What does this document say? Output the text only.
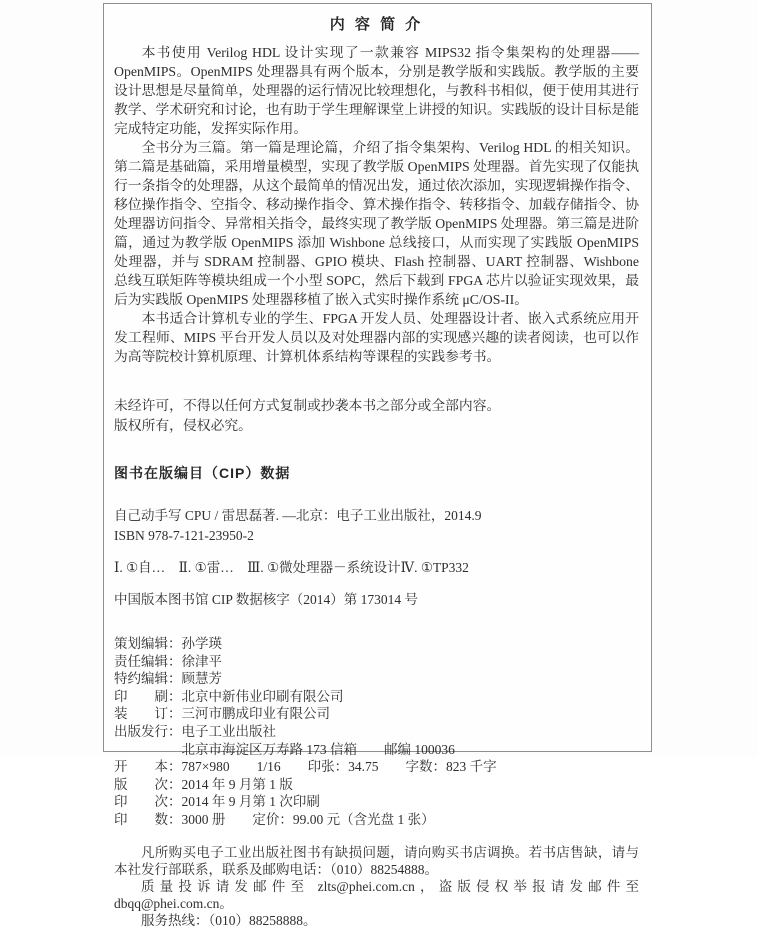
内 容 简 介

本书使用 Verilog HDL 设计实现了一款兼容 MIPS32 指令集架构的处理器——OpenMIPS。OpenMIPS 处理器具有两个版本，分别是教学版和实践版。教学版的主要设计思想是尽量简单，处理器的运行情况比较理想化，与教科书相似，便于使用其进行教学、学术研究和讨论，也有助于学生理解课堂上讲授的知识。实践版的设计目标是能完成特定功能，发挥实际作用。

全书分为三篇。第一篇是理论篇，介绍了指令集架构、Verilog HDL 的相关知识。第二篇是基础篇，采用增量模型，实现了教学版 OpenMIPS 处理器。首先实现了仅能执行一条指令的处理器，从这个最简单的情况出发，通过依次添加，实现逻辑操作指令、移位操作指令、空指令、移动操作指令、算术操作指令、转移指令、加载存储指令、协处理器访问指令、异常相关指令，最终实现了教学版 OpenMIPS 处理器。第三篇是进阶篇，通过为教学版 OpenMIPS 添加 Wishbone 总线接口，从而实现了实践版 OpenMIPS 处理器，并与 SDRAM 控制器、GPIO 模块、Flash 控制器、UART 控制器、Wishbone 总线互联矩阵等模块组成一个小型 SOPC，然后下载到 FPGA 芯片以验证实现效果，最后为实践版 OpenMIPS 处理器移植了嵌入式实时操作系统 μC/OS-II。

本书适合计算机专业的学生、FPGA 开发人员、处理器设计者、嵌入式系统应用开发工程师、MIPS 平台开发人员以及对处理器内部的实现感兴趣的读者阅读，也可以作为高等院校计算机原理、计算机体系结构等课程的实践参考书。

未经许可，不得以任何方式复制或抄袭本书之部分或全部内容。

版权所有，侵权必究。

图书在版编目（CIP）数据

自己动手写 CPU / 雷思磊著. —北京：电子工业出版社，2014.9

ISBN 978-7-121-23950-2

Ⅰ. ①自…　Ⅱ. ①雷…　Ⅲ. ①微处理器－系统设计Ⅳ. ①TP332

中国版本图书馆 CIP 数据核字（2014）第 173014 号

策划编辑：孙学瑛
责任编辑：徐津平
特约编辑：顾慧芳
印　　刷：北京中新伟业印刷有限公司
装　　订：三河市鹏成印业有限公司
出版发行：电子工业出版社
　　　　　北京市海淀区万寿路 173 信箱　　邮编 100036
开　　本：787×980　　1/16　　印张：34.75　　字数：823 千字
版　　次：2014 年 9 月第 1 版
印　　次：2014 年 9 月第 1 次印刷
印　　数：3000 册　　定价：99.00 元（含光盘 1 张）

凡所购买电子工业出版社图书有缺损问题，请向购买书店调换。若书店售缺，请与本社发行部联系，联系及邮购电话：（010）88254888。

质量投诉请发邮件至 zlts@phei.com.cn，盗版侵权举报请发邮件至 dbqq@phei.com.cn。

服务热线：（010）88258888。
